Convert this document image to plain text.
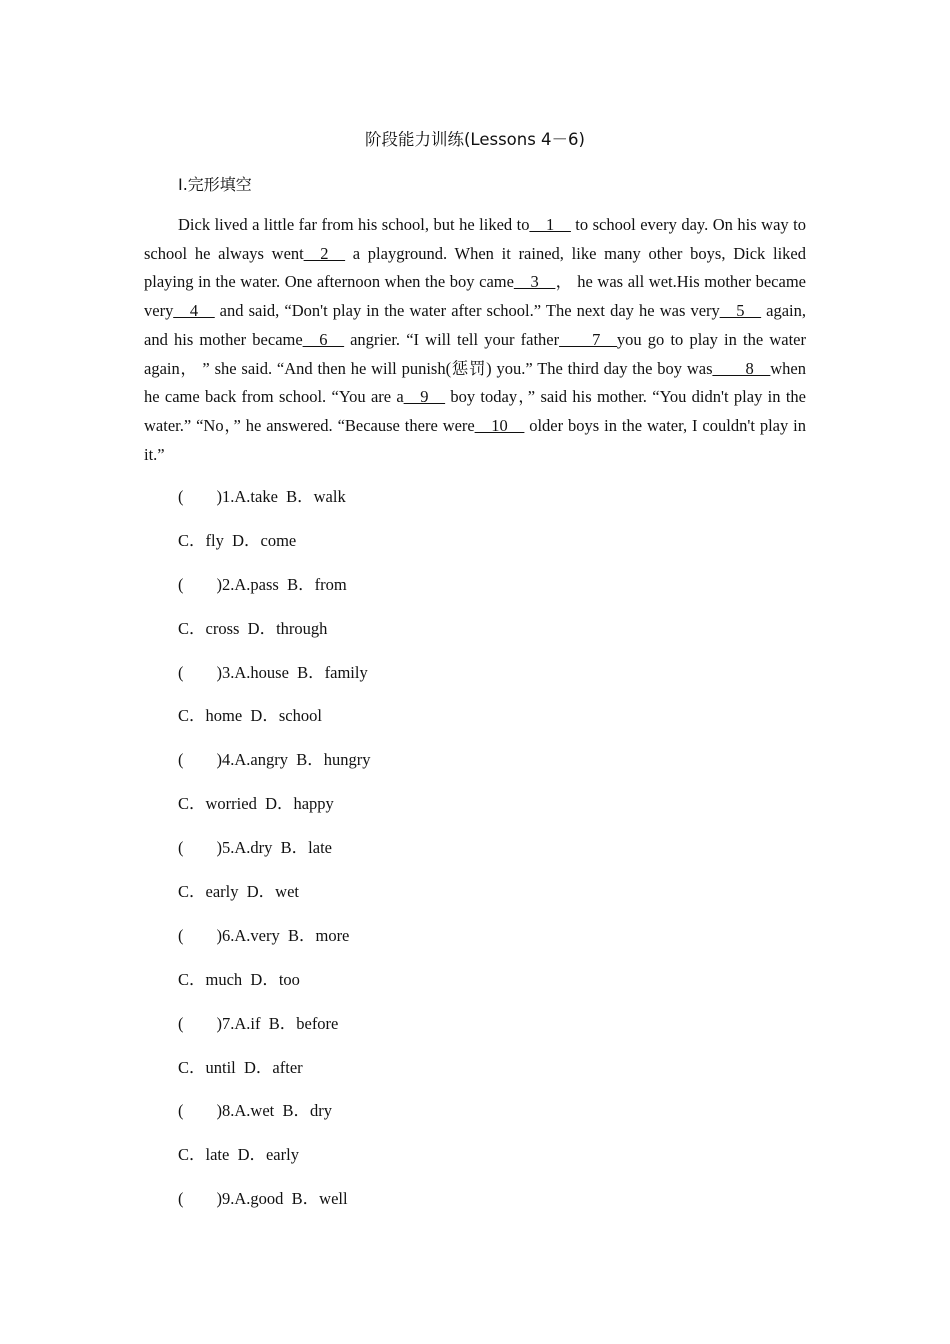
阶段能力训练(Lessons 4－6)
Ⅰ.完形填空

Dick lived a little far from his school, but he liked to__1__ to school every day. On his way to school he always went__2__ a playground. When it rained, like many other boys, Dick liked playing in the water. One afternoon when the boy came__3__， he was all wet.His mother became very__4__ and said, “Don't play in the water after school.” The next day he was very__5__ again, and his mother became__6__ angrier. “I will tell your father____7__you go to play in the water again， ” she said. “And then he will punish(惩罚) you.” The third day the boy was____8__when he came back from school. “You are a__9__ boy today，” said his mother. “You didn't play in the water.” “No，” he answered. “Because there were__10__ older boys in the water, I couldn't play in it.”

(　　)1.A.take  B．walk
C．fly  D．come
(　　)2.A.pass  B．from
C．cross  D．through
(　　)3.A.house  B．family
C．home  D．school
(　　)4.A.angry  B．hungry
C．worried  D．happy
(　　)5.A.dry  B．late
C．early  D．wet
(　　)6.A.very  B．more
C．much  D．too
(　　)7.A.if  B．before
C．until  D．after
(　　)8.A.wet  B．dry
C．late  D．early
(　　)9.A.good  B．well
